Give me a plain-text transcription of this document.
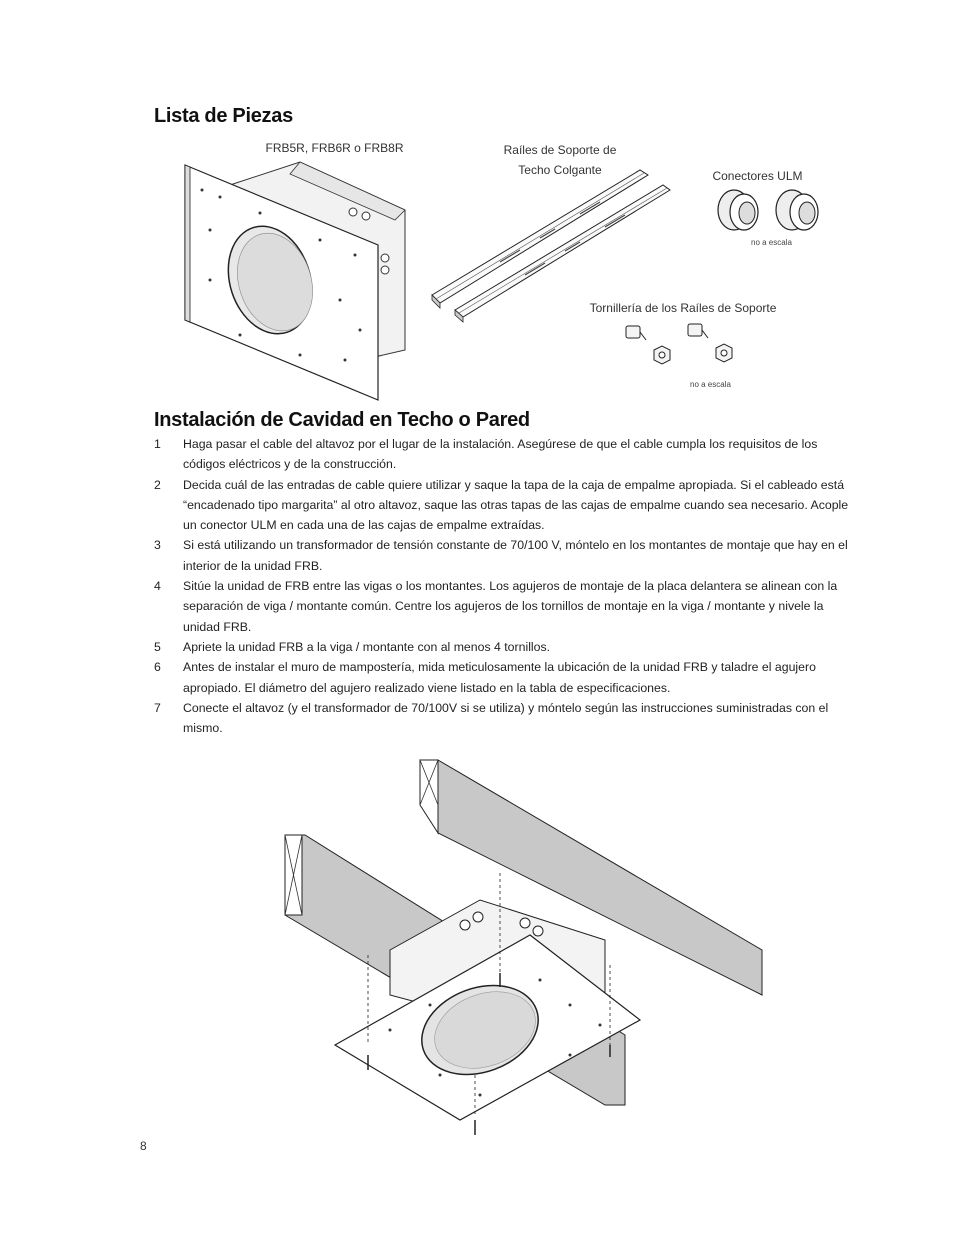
Lista de Piezas
FRB5R, FRB6R o FRB8R	Raíles de Soporte de
Techo Colgante	Conectores ULM
no a escala
Tornillería de los Raíles de Soporte
no a escala
Instalación de Cavidad en Techo o Pared
1 Haga pasar el cable del altavoz por el lugar de la instalación. Asegúrese de que el cable cumpla los requisitos de los códigos eléctricos y de la construcción.
2 Decida cuál de las entradas de cable quiere utilizar y saque la tapa de la caja de empalme apropiada. Si el cableado está “encadenado tipo margarita” al otro altavoz, saque las otras tapas de las cajas de empalme cuando sea necesario. Acople un conector ULM en cada una de las cajas de empalme extraídas.
3 Si está utilizando un transformador de tensión constante de 70/100 V, móntelo en los montantes de montaje que hay en el interior de la unidad FRB.
4 Sitúe la unidad de FRB entre las vigas o los montantes. Los agujeros de montaje de la placa delantera se alinean con la separación de viga / montante común. Centre los agujeros de los tornillos de montaje en la viga / montante y nivele la unidad FRB.
5 Apriete la unidad FRB a la viga / montante con al menos 4 tornillos.
6 Antes de instalar el muro de mampostería, mida meticulosamente la ubicación de la unidad FRB y taladre el agujero apropiado. El diámetro del agujero realizado viene listado en la tabla de especificaciones.
7 Conecte el altavoz (y el transformador de 70/100V si se utiliza) y móntelo según las instrucciones suministradas con el mismo.
8
